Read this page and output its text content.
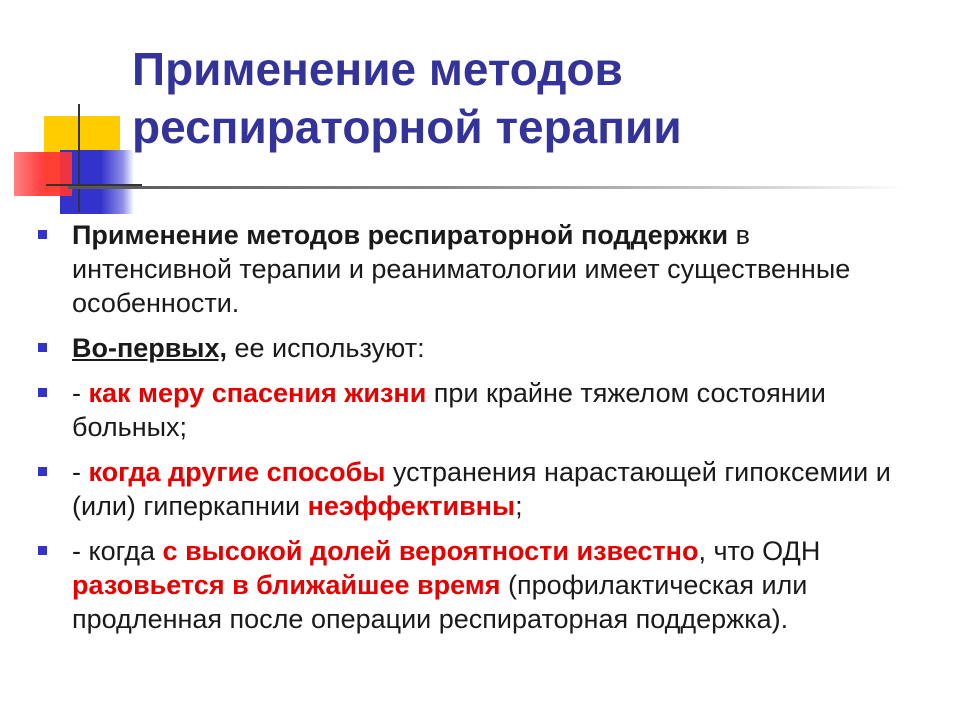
Применение методов
респираторной терапии
Применение методов респираторной поддержки в интенсивной терапии и реаниматологии имеет существенные особенности.
Во-первых, ее используют:
- как меру спасения жизни при крайне тяжелом состоянии больных;
- когда другие способы устранения нарастающей гипоксемии и (или) гиперкапнии неэффективны;
- когда с высокой долей вероятности известно, что ОДН разовьется в ближайшее время (профилактическая или продленная после операции респираторная поддержка).
